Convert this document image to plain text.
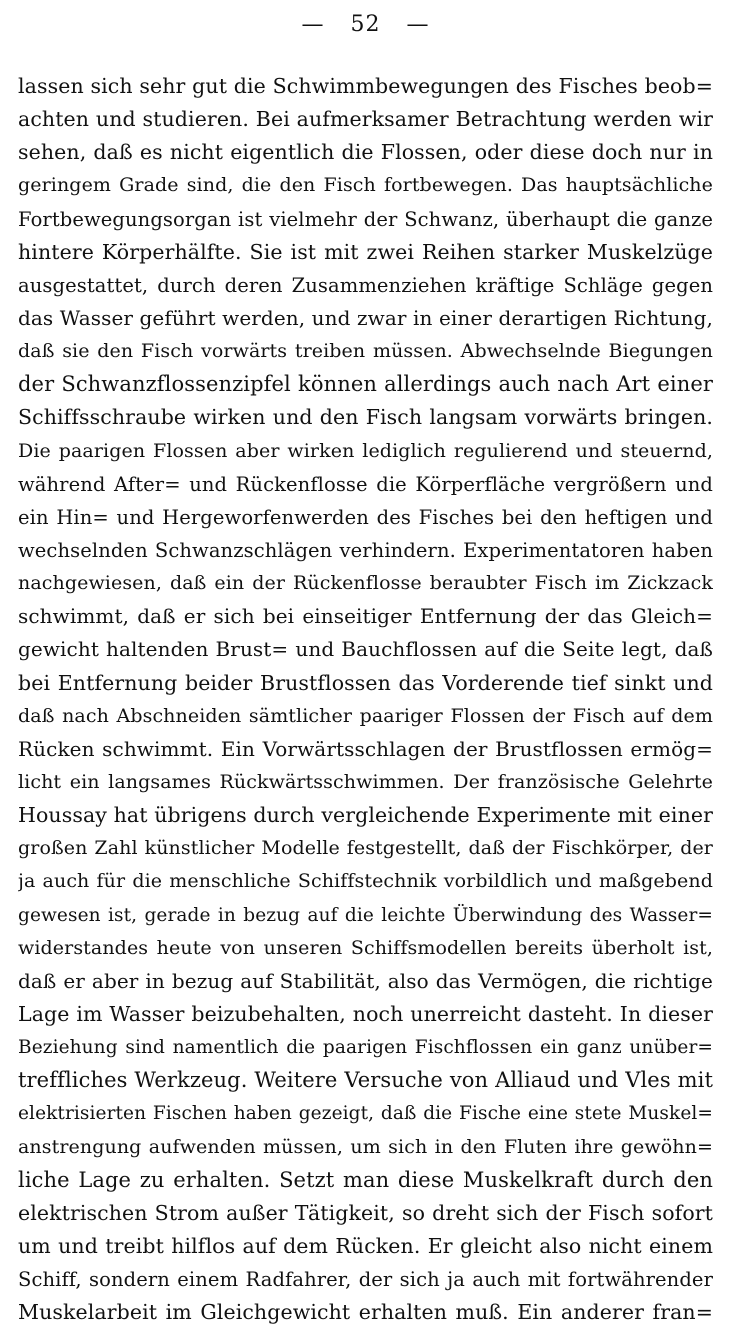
— 52 —
lassen sich sehr gut die Schwimmbewegungen des Fisches beob=
achten und studieren. Bei aufmerksamer Betrachtung werden wir
sehen, daß es nicht eigentlich die Flossen, oder diese doch nur in
geringem Grade sind, die den Fisch fortbewegen. Das hauptsächliche
Fortbewegungsorgan ist vielmehr der Schwanz, überhaupt die ganze
hintere Körperhälfte. Sie ist mit zwei Reihen starker Muskelzüge
ausgestattet, durch deren Zusammenziehen kräftige Schläge gegen
das Wasser geführt werden, und zwar in einer derartigen Richtung,
daß sie den Fisch vorwärts treiben müssen. Abwechselnde Biegungen
der Schwanzflossenzipfel können allerdings auch nach Art einer
Schiffsschraube wirken und den Fisch langsam vorwärts bringen.
Die paarigen Flossen aber wirken lediglich regulierend und steuernd,
während After= und Rückenflosse die Körperfläche vergrößern und
ein Hin= und Hergeworfenwerden des Fisches bei den heftigen und
wechselnden Schwanzschlägen verhindern. Experimentatoren haben
nachgewiesen, daß ein der Rückenflosse beraubter Fisch im Zickzack
schwimmt, daß er sich bei einseitiger Entfernung der das Gleich=
gewicht haltenden Brust= und Bauchflossen auf die Seite legt, daß
bei Entfernung beider Brustflossen das Vorderende tief sinkt und
daß nach Abschneiden sämtlicher paariger Flossen der Fisch auf dem
Rücken schwimmt. Ein Vorwärtsschlagen der Brustflossen ermög=
licht ein langsames Rückwärtsschwimmen. Der französische Gelehrte
Houssay hat übrigens durch vergleichende Experimente mit einer
großen Zahl künstlicher Modelle festgestellt, daß der Fischkörper, der
ja auch für die menschliche Schiffstechnik vorbildlich und maßgebend
gewesen ist, gerade in bezug auf die leichte Überwindung des Wasser=
widerstandes heute von unseren Schiffsmodellen bereits überholt ist,
daß er aber in bezug auf Stabilität, also das Vermögen, die richtige
Lage im Wasser beizubehalten, noch unerreicht dasteht. In dieser
Beziehung sind namentlich die paarigen Fischflossen ein ganz unüber=
treffliches Werkzeug. Weitere Versuche von Alliaud und Vles mit
elektrisierten Fischen haben gezeigt, daß die Fische eine stete Muskel=
anstrengung aufwenden müssen, um sich in den Fluten ihre gewöhn=
liche Lage zu erhalten. Setzt man diese Muskelkraft durch den
elektrischen Strom außer Tätigkeit, so dreht sich der Fisch sofort
um und treibt hilflos auf dem Rücken. Er gleicht also nicht einem
Schiff, sondern einem Radfahrer, der sich ja auch mit fortwährender
Muskelarbeit im Gleichgewicht erhalten muß. Ein anderer fran=
